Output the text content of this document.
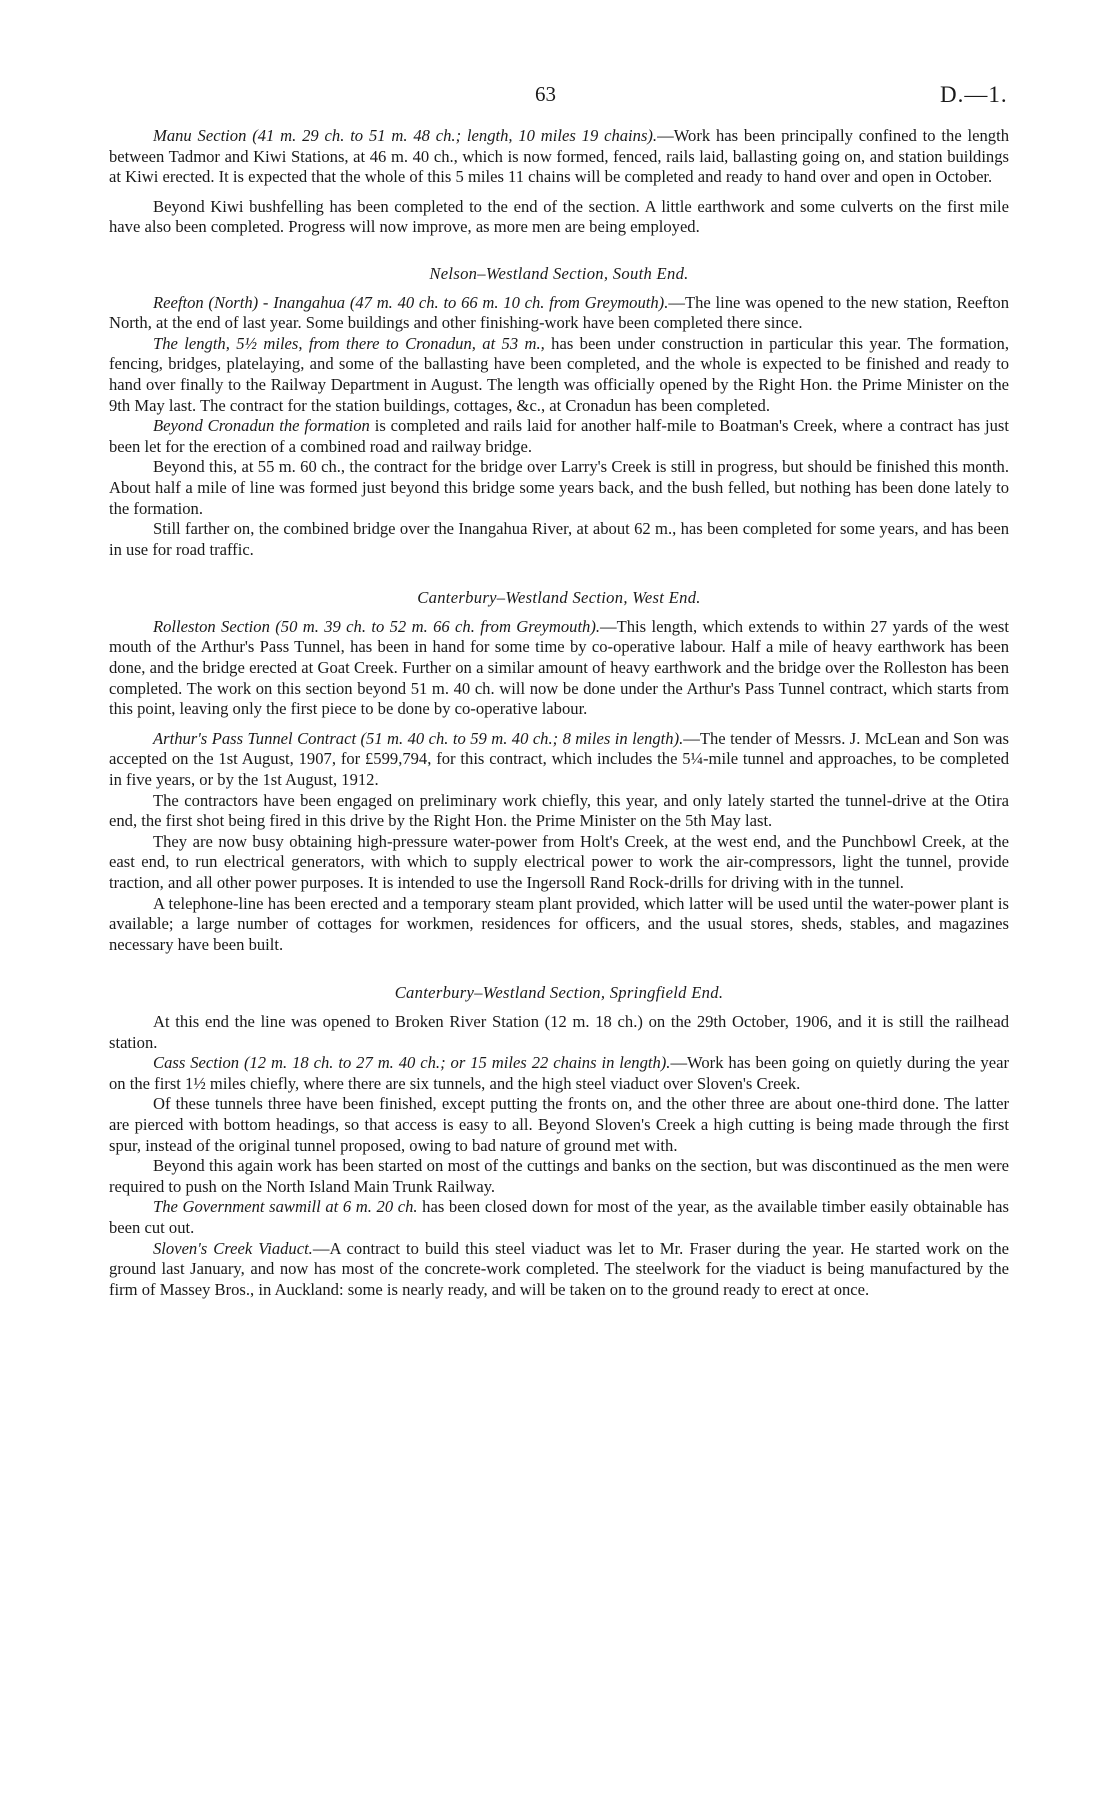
63	D.—1.

Manu Section (41 m. 29 ch. to 51 m. 48 ch.; length, 10 miles 19 chains).—Work has been principally confined to the length between Tadmor and Kiwi Stations, at 46 m. 40 ch., which is now formed, fenced, rails laid, ballasting going on, and station buildings at Kiwi erected. It is expected that the whole of this 5 miles 11 chains will be completed and ready to hand over and open in October.

Beyond Kiwi bushfelling has been completed to the end of the section. A little earthwork and some culverts on the first mile have also been completed. Progress will now improve, as more men are being employed.

Nelson–Westland Section, South End.

Reefton (North) - Inangahua (47 m. 40 ch. to 66 m. 10 ch. from Greymouth).—The line was opened to the new station, Reefton North, at the end of last year. Some buildings and other finishing-work have been completed there since.

The length, 5½ miles, from there to Cronadun, at 53 m., has been under construction in particular this year. The formation, fencing, bridges, platelaying, and some of the ballasting have been completed, and the whole is expected to be finished and ready to hand over finally to the Railway Department in August. The length was officially opened by the Right Hon. the Prime Minister on the 9th May last. The contract for the station buildings, cottages, &c., at Cronadun has been completed.

Beyond Cronadun the formation is completed and rails laid for another half-mile to Boatman's Creek, where a contract has just been let for the erection of a combined road and railway bridge.

Beyond this, at 55 m. 60 ch., the contract for the bridge over Larry's Creek is still in progress, but should be finished this month. About half a mile of line was formed just beyond this bridge some years back, and the bush felled, but nothing has been done lately to the formation.

Still farther on, the combined bridge over the Inangahua River, at about 62 m., has been completed for some years, and has been in use for road traffic.

Canterbury–Westland Section, West End.

Rolleston Section (50 m. 39 ch. to 52 m. 66 ch. from Greymouth).—This length, which extends to within 27 yards of the west mouth of the Arthur's Pass Tunnel, has been in hand for some time by co-operative labour. Half a mile of heavy earthwork has been done, and the bridge erected at Goat Creek. Further on a similar amount of heavy earthwork and the bridge over the Rolleston has been completed. The work on this section beyond 51 m. 40 ch. will now be done under the Arthur's Pass Tunnel contract, which starts from this point, leaving only the first piece to be done by co-operative labour.

Arthur's Pass Tunnel Contract (51 m. 40 ch. to 59 m. 40 ch.; 8 miles in length).—The tender of Messrs. J. McLean and Son was accepted on the 1st August, 1907, for £599,794, for this contract, which includes the 5¼-mile tunnel and approaches, to be completed in five years, or by the 1st August, 1912.

The contractors have been engaged on preliminary work chiefly, this year, and only lately started the tunnel-drive at the Otira end, the first shot being fired in this drive by the Right Hon. the Prime Minister on the 5th May last.

They are now busy obtaining high-pressure water-power from Holt's Creek, at the west end, and the Punchbowl Creek, at the east end, to run electrical generators, with which to supply electrical power to work the air-compressors, light the tunnel, provide traction, and all other power purposes. It is intended to use the Ingersoll Rand Rock-drills for driving with in the tunnel.

A telephone-line has been erected and a temporary steam plant provided, which latter will be used until the water-power plant is available; a large number of cottages for workmen, residences for officers, and the usual stores, sheds, stables, and magazines necessary have been built.

Canterbury–Westland Section, Springfield End.

At this end the line was opened to Broken River Station (12 m. 18 ch.) on the 29th October, 1906, and it is still the railhead station.

Cass Section (12 m. 18 ch. to 27 m. 40 ch.; or 15 miles 22 chains in length).—Work has been going on quietly during the year on the first 1½ miles chiefly, where there are six tunnels, and the high steel viaduct over Sloven's Creek.

Of these tunnels three have been finished, except putting the fronts on, and the other three are about one-third done. The latter are pierced with bottom headings, so that access is easy to all. Beyond Sloven's Creek a high cutting is being made through the first spur, instead of the original tunnel proposed, owing to bad nature of ground met with.

Beyond this again work has been started on most of the cuttings and banks on the section, but was discontinued as the men were required to push on the North Island Main Trunk Railway.

The Government sawmill at 6 m. 20 ch. has been closed down for most of the year, as the available timber easily obtainable has been cut out.

Sloven's Creek Viaduct.—A contract to build this steel viaduct was let to Mr. Fraser during the year. He started work on the ground last January, and now has most of the concrete-work completed. The steelwork for the viaduct is being manufactured by the firm of Massey Bros., in Auckland: some is nearly ready, and will be taken on to the ground ready to erect at once.
